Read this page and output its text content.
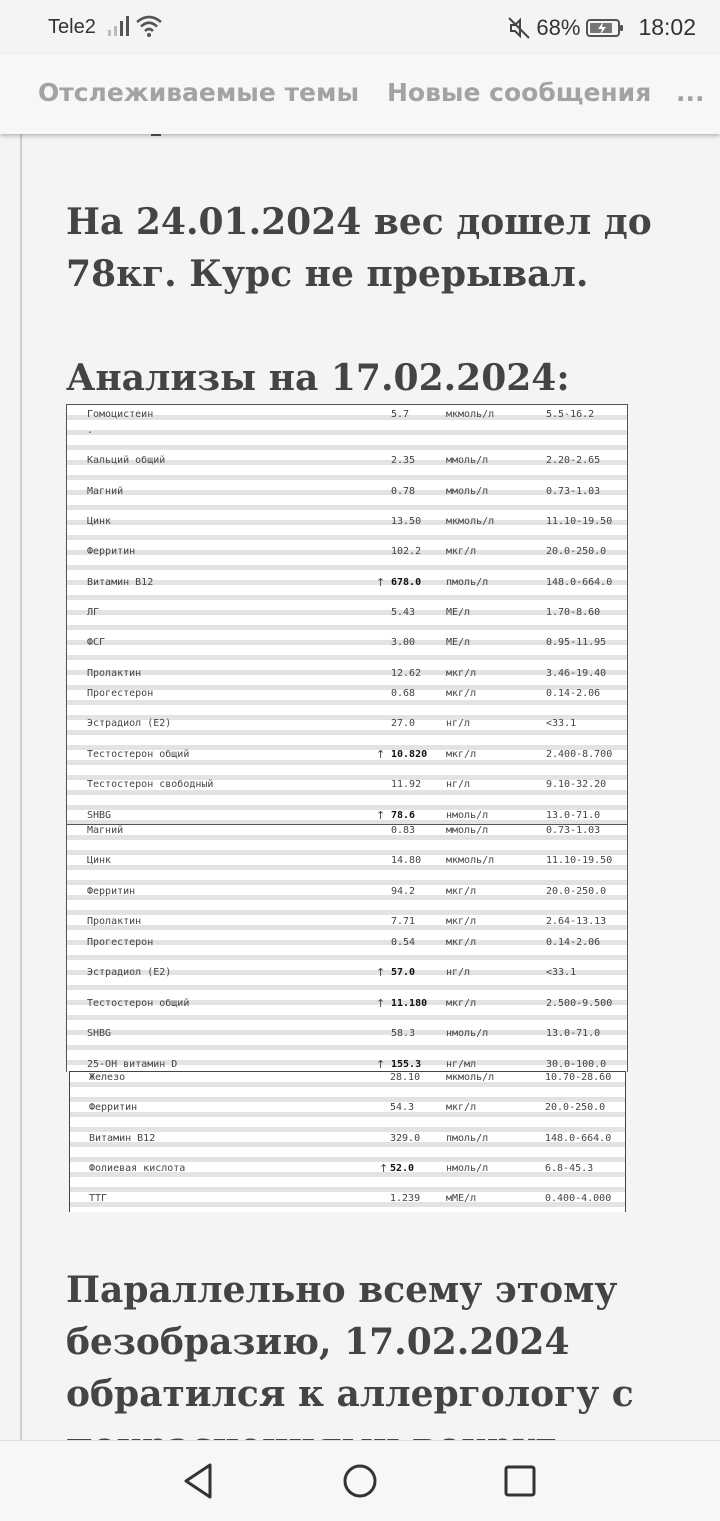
Tele2	68%	18:02
Отслеживаемые темы Новые сообщения ...
На 24.01.2024 вес дошел до 78кг. Курс не прерывал.
Анализы на 17.02.2024:
Гомоцистеин	5.7	мкмоль/л	5.5-16.2
.
Кальций общий	2.35	ммоль/л	2.20-2.65
Магний	0.78	ммоль/л	0.73-1.03
Цинк	13.50 мкмоль/л	11.10-19.50
Ферритин	102.2 мкг/л	20.0-250.0
Витамин B12	↑ 678.0 пмоль/л	148.0-664.0
ЛГ	5.43	МЕ/л	1.70-8.60
ФСГ	3.00	МЕ/л	0.95-11.95
Пролактин	12.62 мкг/л	3.46-19.40
Прогестерон	0.68	мкг/л	0.14-2.06
Эстрадиол (E2)	27.0	нг/л	<33.1
Тестостерон общий	↑ 10.820 мкг/л	2.400-8.700
Тестостерон свободный	11.92 нг/л	9.10-32.20
SHBG	↑ 78.6	нмоль/л	13.0-71.0
Магний	0.83	ммоль/л	0.73-1.03
Цинк	14.80 мкмоль/л	11.10-19.50
Ферритин	94.2	мкг/л	20.0-250.0
Пролактин	7.71	мкг/л	2.64-13.13
Прогестерон	0.54	мкг/л	0.14-2.06
Эстрадиол (E2)	↑ 57.0	нг/л	<33.1
Тестостерон общий	↑ 11.180 мкг/л	2.500-9.500
SHBG	58.3	нмоль/л	13.0-71.0
25-OH витамин D	↑ 155.3 нг/мл	30.0-100.0
Железо	28.10	мкмоль/л	10.70-28.60
Ферритин	54.3	мкг/л	20.0-250.0
Витамин B12	329.0	пмоль/л	148.0-664.0
Фолиевая кислота	↑ 52.0	нмоль/л	6.8-45.3
ТТГ	1.239	мМЕ/л	0.400-4.000
Параллельно всему этому безобразию, 17.02.2024 обратился к аллергологу с
